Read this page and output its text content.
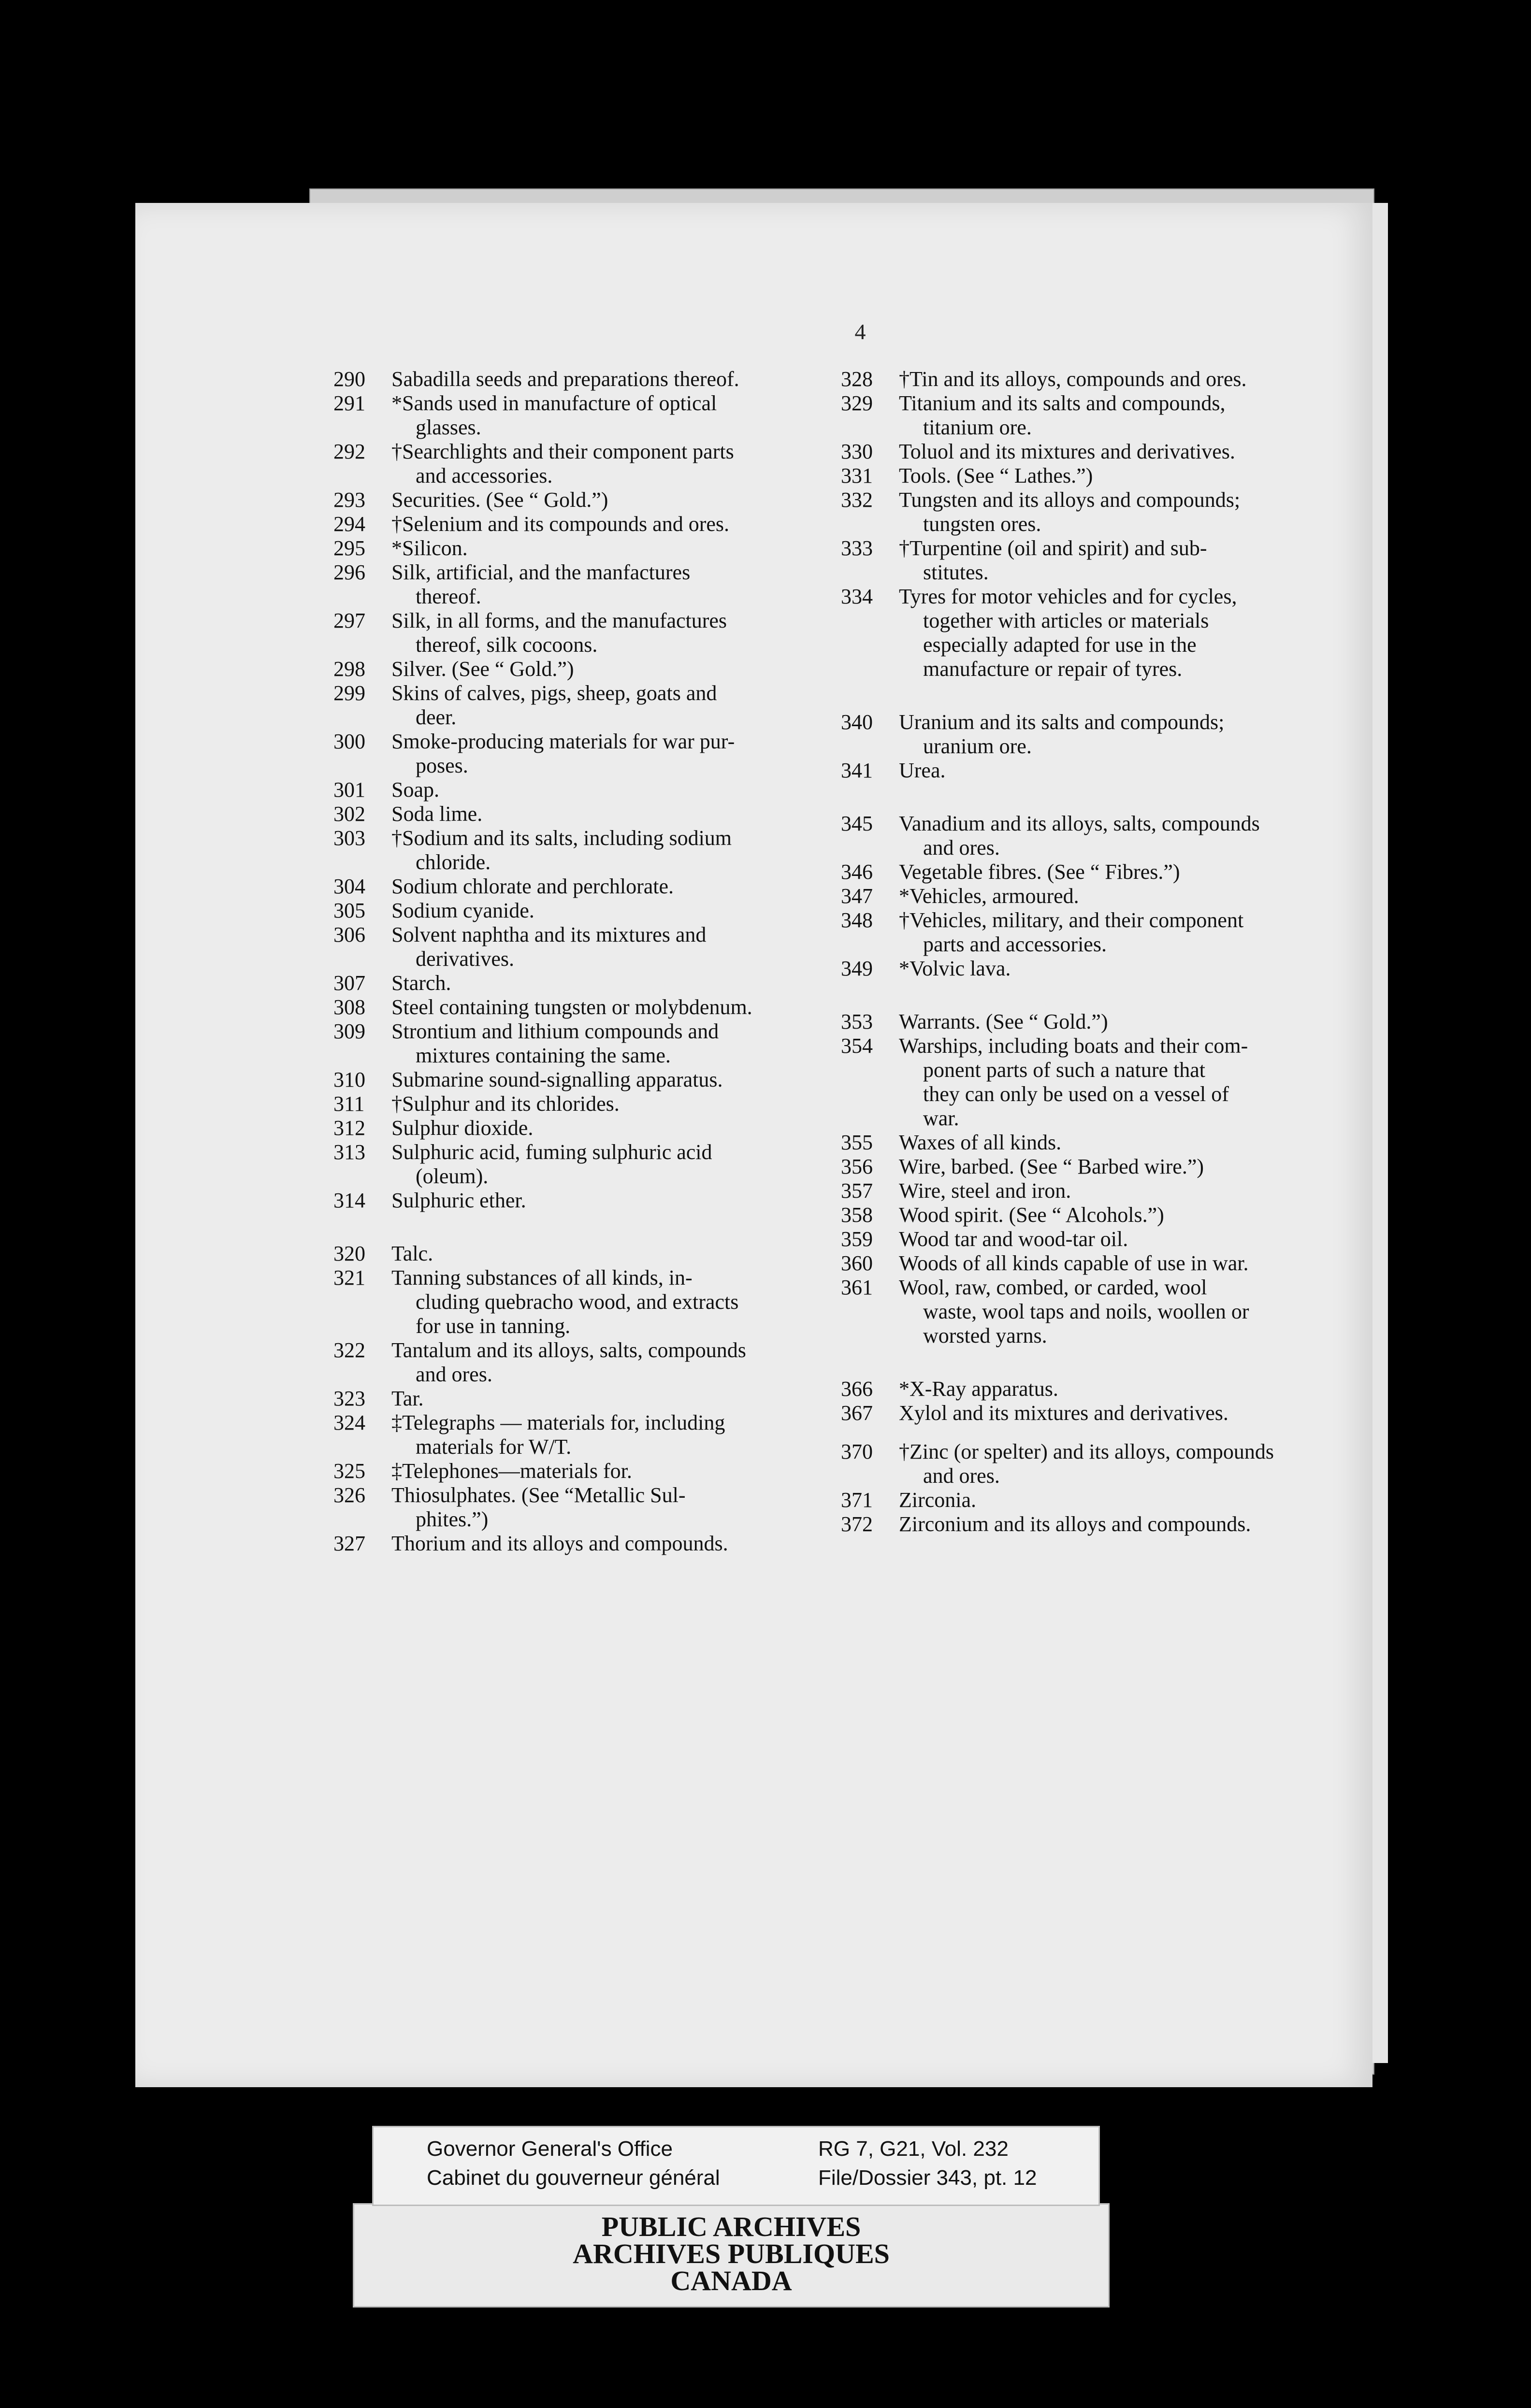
4
290	Sabadilla seeds and preparations thereof.
291	*Sands used in manufacture of optical
glasses.
292	†Searchlights and their component parts
and accessories.
293	Securities. (See “ Gold.”)
294	†Selenium and its compounds and ores.
295	*Silicon.
296	Silk, artificial, and the manfactures
thereof.
297	Silk, in all forms, and the manufactures
thereof, silk cocoons.
298	Silver. (See “ Gold.”)
299	Skins of calves, pigs, sheep, goats and
deer.
300	Smoke-producing materials for war pur-
poses.
301	Soap.
302	Soda lime.
303	†Sodium and its salts, including sodium
chloride.
304	Sodium chlorate and perchlorate.
305	Sodium cyanide.
306	Solvent naphtha and its mixtures and
derivatives.
307	Starch.
308	Steel containing tungsten or molybdenum.
309	Strontium and lithium compounds and
mixtures containing the same.
310	Submarine sound-signalling apparatus.
311	†Sulphur and its chlorides.
312	Sulphur dioxide.
313	Sulphuric acid, fuming sulphuric acid
(oleum).
314	Sulphuric ether.
320	Talc.
321	Tanning substances of all kinds, in-
cluding quebracho wood, and extracts
for use in tanning.
322	Tantalum and its alloys, salts, compounds
and ores.
323	Tar.
324	‡Telegraphs — materials for, including
materials for W/T.
325	‡Telephones—materials for.
326	Thiosulphates. (See “Metallic Sul-
phites.”)
327	Thorium and its alloys and compounds.
328	†Tin and its alloys, compounds and ores.
329	Titanium and its salts and compounds,
titanium ore.
330	Toluol and its mixtures and derivatives.
331	Tools. (See “ Lathes.”)
332	Tungsten and its alloys and compounds;
tungsten ores.
333	†Turpentine (oil and spirit) and sub-
stitutes.
334	Tyres for motor vehicles and for cycles,
together with articles or materials
especially adapted for use in the
manufacture or repair of tyres.
340	Uranium and its salts and compounds;
uranium ore.
341	Urea.
345	Vanadium and its alloys, salts, compounds
and ores.
346	Vegetable fibres. (See “ Fibres.”)
347	*Vehicles, armoured.
348	†Vehicles, military, and their component
parts and accessories.
349	*Volvic lava.
353	Warrants. (See “ Gold.”)
354	Warships, including boats and their com-
ponent parts of such a nature that
they can only be used on a vessel of
war.
355	Waxes of all kinds.
356	Wire, barbed. (See “ Barbed wire.”)
357	Wire, steel and iron.
358	Wood spirit. (See “ Alcohols.”)
359	Wood tar and wood-tar oil.
360	Woods of all kinds capable of use in war.
361	Wool, raw, combed, or carded, wool
waste, wool taps and noils, woollen or
worsted yarns.
366	*X-Ray apparatus.
367	Xylol and its mixtures and derivatives.
370	†Zinc (or spelter) and its alloys, compounds
and ores.
371	Zirconia.
372	Zirconium and its alloys and compounds.
PUBLIC ARCHIVES
ARCHIVES PUBLIQUES
CANADA
Governor General's Office
Cabinet du gouverneur général
RG 7, G21, Vol. 232
File/Dossier 343, pt. 12
